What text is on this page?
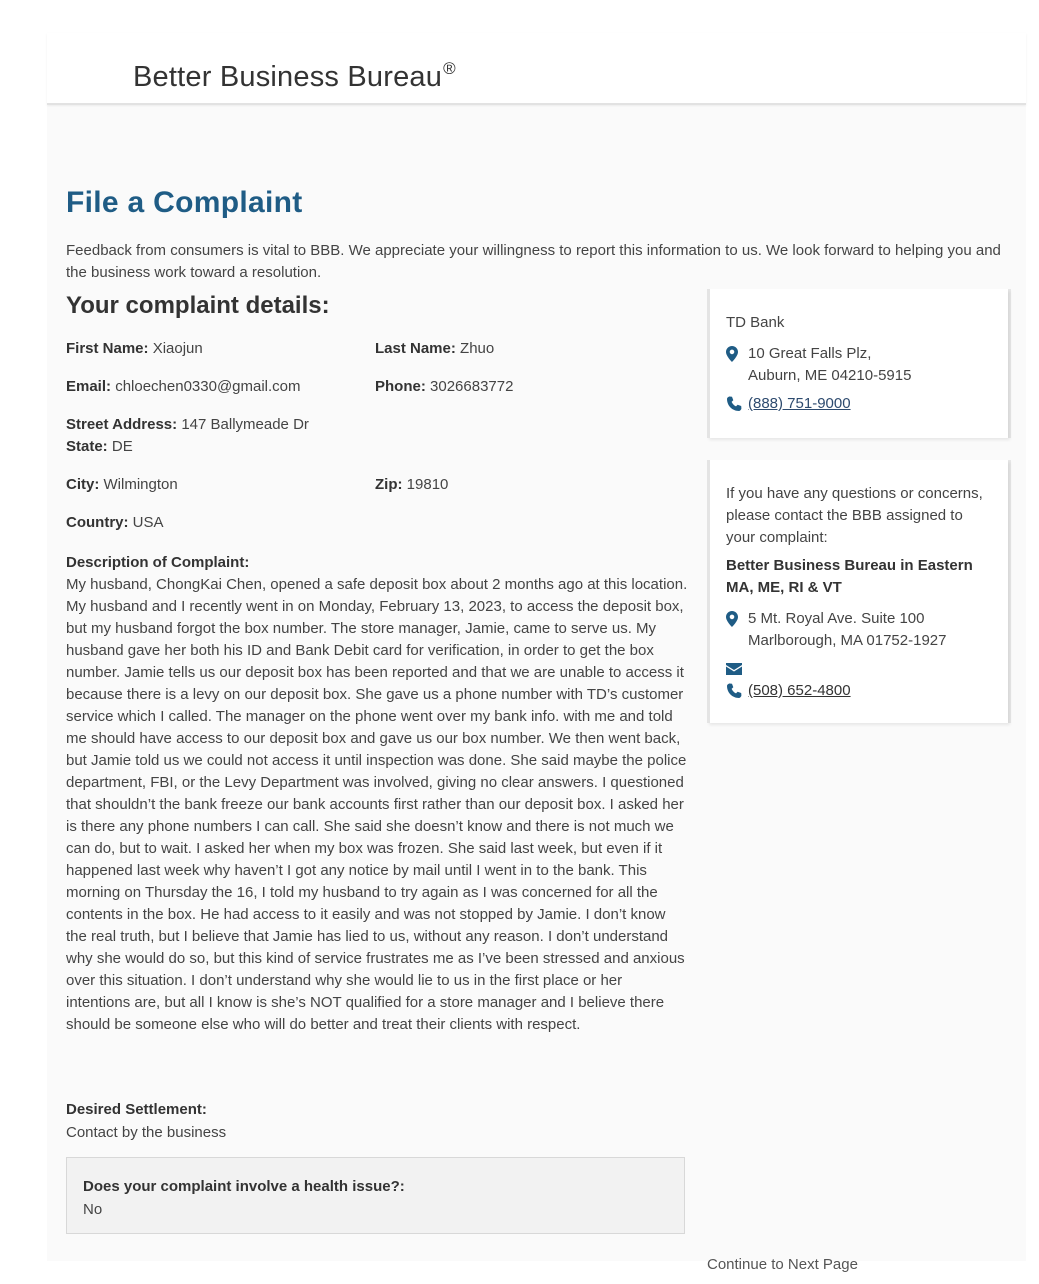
Better Business Bureau®
File a Complaint

Feedback from consumers is vital to BBB. We appreciate your willingness to report this information to us. We look forward to helping you and the business work toward a resolution.

Your complaint details:
First Name: Xiaojun	Last Name: Zhuo
Email: chloechen0330@gmail.com	Phone: 3026683772
Street Address: 147 Ballymeade Dr
State: DE
City: Wilmington	Zip: 19810
Country: USA
Description of Complaint:

My husband, ChongKai Chen, opened a safe deposit box about 2 months ago at this location. My husband and I recently went in on Monday, February 13, 2023, to access the deposit box, but my husband forgot the box number. The store manager, Jamie, came to serve us. My husband gave her both his ID and Bank Debit card for verification, in order to get the box number. Jamie tells us our deposit box has been reported and that we are unable to access it because there is a levy on our deposit box. She gave us a phone number with TD’s customer service which I called. The manager on the phone went over my bank info. with me and told me should have access to our deposit box and gave us our box number. We then went back, but Jamie told us we could not access it until inspection was done. She said maybe the police department, FBI, or the Levy Department was involved, giving no clear answers. I questioned that shouldn’t the bank freeze our bank accounts first rather than our deposit box. I asked her is there any phone numbers I can call. She said she doesn’t know and there is not much we can do, but to wait. I asked her when my box was frozen. She said last week, but even if it happened last week why haven’t I got any notice by mail until I went in to the bank. This morning on Thursday the 16, I told my husband to try again as I was concerned for all the contents in the box. He had access to it easily and was not stopped by Jamie. I don’t know the real truth, but I believe that Jamie has lied to us, without any reason. I don’t understand why she would do so, but this kind of service frustrates me as I’ve been stressed and anxious over this situation. I don’t understand why she would lie to us in the first place or her intentions are, but all I know is she’s NOT qualified for a store manager and I believe there should be someone else who will do better and treat their clients with respect.

Desired Settlement:
Contact by the business
Does your complaint involve a health issue?:
No
TD Bank
10 Great Falls Plz,
Auburn, ME 04210-5915
(888) 751-9000
If you have any questions or concerns, please contact the BBB assigned to your complaint:
Better Business Bureau in Eastern MA, ME, RI & VT
5 Mt. Royal Ave. Suite 100
Marlborough, MA 01752-1927
(508) 652-4800
Continue to Next Page
